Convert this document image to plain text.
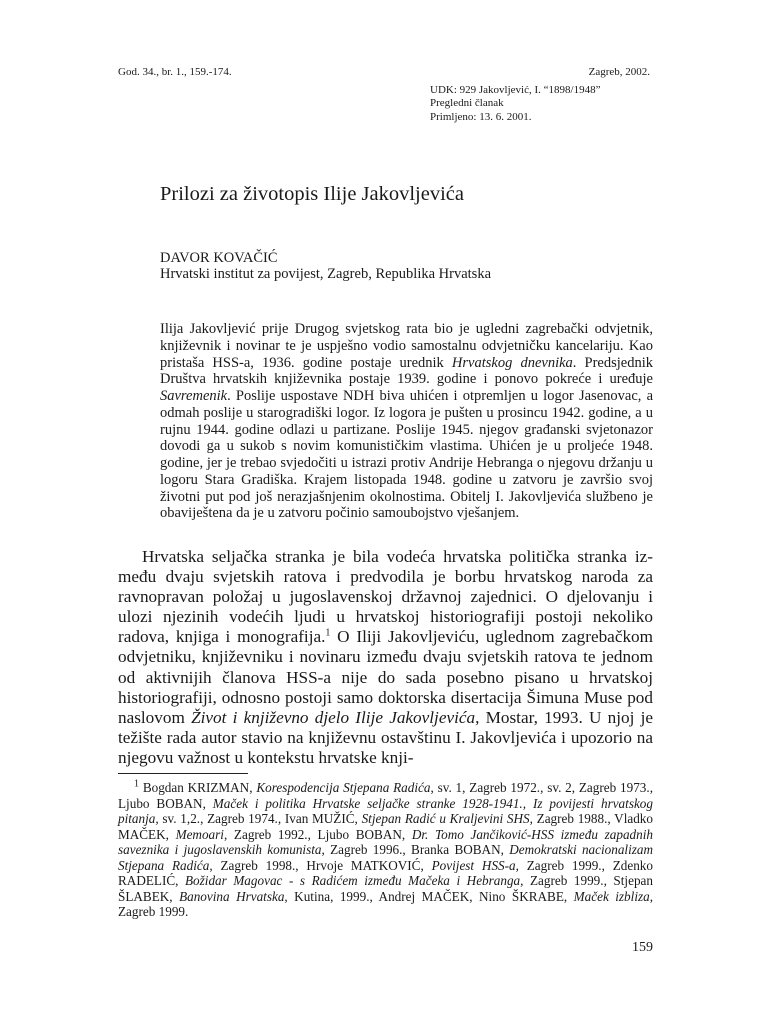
God. 34., br. 1., 159.-174.	Zagreb, 2002.
UDK: 929 Jakovljević, I. “1898/1948”
Pregledni članak
Primljeno: 13. 6. 2001.
Prilozi za životopis Ilije Jakovljevića
DAVOR KOVAČIĆ
Hrvatski institut za povijest, Zagreb, Republika Hrvatska
Ilija Jakovljević prije Drugog svjetskog rata bio je ugledni zagrebački odvjetnik, književnik i novinar te je uspješno vodio samostalnu odvjetničku kancelariju. Kao pristaša HSS-a, 1936. godine postaje urednik Hrvatskog dnevnika. Predsjednik Društva hrvatskih književnika postaje 1939. godine i ponovo pokreće i uređuje Savremenik. Poslije uspostave NDH biva uhićen i otpremljen u logor Jasenovac, a odmah poslije u starogradiški logor. Iz logora je pušten u prosincu 1942. godine, a u rujnu 1944. godine odlazi u partizane. Poslije 1945. njegov građanski svjetonazor dovodi ga u sukob s novim komunističkim vlastima. Uhićen je u proljeće 1948. godine, jer je trebao svjedočiti u istrazi protiv Andrije Hebranga o njegovu držanju u logoru Stara Gradiška. Krajem listopada 1948. godine u zatvoru je završio svoj životni put pod još nerazjašnjenim okolnostima. Obitelj I. Jakovljevića službeno je obaviještena da je u zatvoru počinio samoubojstvo vješanjem.
Hrvatska seljačka stranka je bila vodeća hrvatska politička stranka između dvaju svjetskih ratova i predvodila je borbu hrvatskog naroda za ravnopravan položaj u jugoslavenskoj državnoj zajednici. O djelovanju i ulozi njezinih vodećih ljudi u hrvatskoj historiografiji postoji nekoliko radova, knjiga i monografija.$^1$ O Iliji Jakovljeviću, uglednom zagrebačkom odvjetniku, književniku i novinaru između dvaju svjetskih ratova te jednom od aktivnijih članova HSS-a nije do sada posebno pisano u hrvatskoj historiografiji, odnosno postoji samo doktorska disertacija Šimuna Muse pod naslovom Život i književno djelo Ilije Jakovljevića, Mostar, 1993. U njoj je težište rada autor stavio na književnu ostavštinu I. Jakovljevića i upozorio na njegovu važnost u kontekstu hrvatske knji-
$^1$ Bogdan KRIZMAN, Korespodencija Stjepana Radića, sv. 1, Zagreb 1972., sv. 2, Zagreb 1973., Ljubo BOBAN, Maček i politika Hrvatske seljačke stranke 1928-1941., Iz povijesti hrvatskog pitanja, sv. 1,2., Zagreb 1974., Ivan MUŽIĆ, Stjepan Radić u Kraljevini SHS, Zagreb 1988., Vladko MAČEK, Memoari, Zagreb 1992., Ljubo BOBAN, Dr. Tomo Jančiković-HSS između zapadnih saveznika i jugoslavenskih komunista, Zagreb 1996., Branka BOBAN, Demokratski nacionalizam Stjepana Radića, Zagreb 1998., Hrvoje MATKOVIĆ, Povijest HSS-a, Zagreb 1999., Zdenko RADELIĆ, Božidar Magovac - s Radićem između Mačeka i Hebranga, Zagreb 1999., Stjepan ŠLABEK, Banovina Hrvatska, Kutina, 1999., Andrej MAČEK, Nino ŠKRABE, Maček izbliza, Zagreb 1999.
159
